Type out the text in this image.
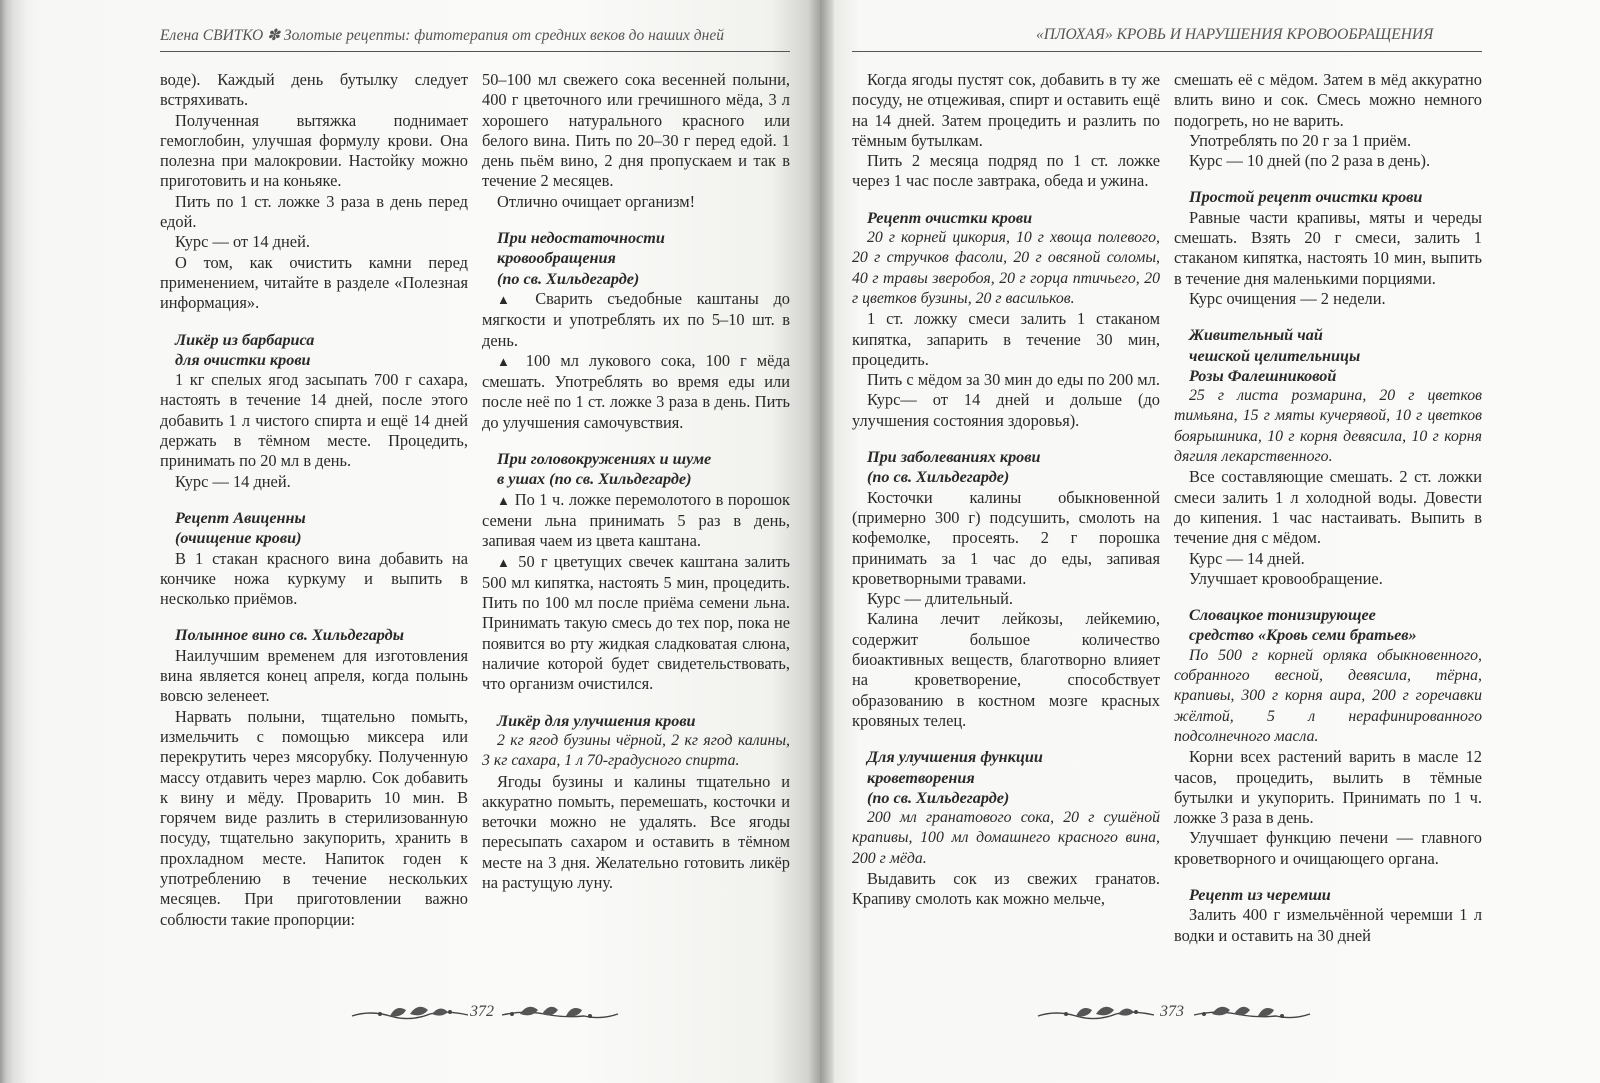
Елена СВИТКО ✽ Золотые рецепты: фитотерапия от средних веков до наших дней	«ПЛОХАЯ» КРОВЬ И НАРУШЕНИЯ КРОВООБРАЩЕНИЯ

воде). Каждый день бутылку следует встряхивать.

Полученная вытяжка поднимает гемоглобин, улучшая формулу крови. Она полезна при малокровии. Настойку можно приготовить и на коньяке.

Пить по 1 ст. ложке 3 раза в день перед едой.

Курс — от 14 дней.

О том, как очистить камни перед применением, читайте в разделе «Полезная информация».

Ликёр из барбариса
для очистки крови

1 кг спелых ягод засыпать 700 г сахара, настоять в течение 14 дней, после этого добавить 1 л чистого спирта и ещё 14 дней держать в тёмном месте. Процедить, принимать по 20 мл в день.

Курс — 14 дней.

Рецепт Авиценны
(очищение крови)

В 1 стакан красного вина добавить на кончике ножа куркуму и выпить в несколько приёмов.

Полынное вино св. Хильдегарды

Наилучшим временем для изготовления вина является конец апреля, когда полынь вовсю зеленеет.

Нарвать полыни, тщательно помыть, измельчить с помощью миксера или перекрутить через мясорубку. Полученную массу отдавить через марлю. Сок добавить к вину и мёду. Проварить 10 мин. В горячем виде разлить в стерилизованную посуду, тщательно закупорить, хранить в прохладном месте. Напиток годен к употреблению в течение нескольких месяцев. При приготовлении важно соблюсти такие пропорции:

50–100 мл свежего сока весенней полыни, 400 г цветочного или гречишного мёда, 3 л хорошего натурального красного или белого вина. Пить по 20–30 г перед едой. 1 день пьём вино, 2 дня пропускаем и так в течение 2 месяцев.

Отлично очищает организм!

При недостаточности
кровообращения
(по св. Хильдегарде)

▲ Сварить съедобные каштаны до мягкости и употреблять их по 5–10 шт. в день.

▲ 100 мл лукового сока, 100 г мёда смешать. Употреблять во время еды или после неё по 1 ст. ложке 3 раза в день. Пить до улучшения самочувствия.

При головокружениях и шуме
в ушах (по св. Хильдегарде)

▲ По 1 ч. ложке перемолотого в порошок семени льна принимать 5 раз в день, запивая чаем из цвета каштана.

▲ 50 г цветущих свечек каштана залить 500 мл кипятка, настоять 5 мин, процедить. Пить по 100 мл после приёма семени льна. Принимать такую смесь до тех пор, пока не появится во рту жидкая сладковатая слюна, наличие которой будет свидетельствовать, что организм очистился.

Ликёр для улучшения крови

2 кг ягод бузины чёрной, 2 кг ягод калины, 3 кг сахара, 1 л 70-градусного спирта.

Ягоды бузины и калины тщательно и аккуратно помыть, перемешать, косточки и веточки можно не удалять. Все ягоды пересыпать сахаром и оставить в тёмном месте на 3 дня. Желательно готовить ликёр на растущую луну.

Когда ягоды пустят сок, добавить в ту же посуду, не отцеживая, спирт и оставить ещё на 14 дней. Затем процедить и разлить по тёмным бутылкам.

Пить 2 месяца подряд по 1 ст. ложке через 1 час после завтрака, обеда и ужина.

Рецепт очистки крови

20 г корней цикория, 10 г хвоща полевого, 20 г стручков фасоли, 20 г овсяной соломы, 40 г травы зверобоя, 20 г горца птичьего, 20 г цветков бузины, 20 г васильков.

1 ст. ложку смеси залить 1 стаканом кипятка, запарить в течение 30 мин, процедить.

Пить с мёдом за 30 мин до еды по 200 мл.

Курс— от 14 дней и дольше (до улучшения состояния здоровья).

При заболеваниях крови
(по св. Хильдегарде)

Косточки калины обыкновенной (примерно 300 г) подсушить, смолоть на кофемолке, просеять. 2 г порошка принимать за 1 час до еды, запивая кроветворными травами.

Курс — длительный.

Калина лечит лейкозы, лейкемию, содержит большое количество биоактивных веществ, благотворно влияет на кроветворение, способствует образованию в костном мозге красных кровяных телец.

Для улучшения функции
кроветворения
(по св. Хильдегарде)

200 мл гранатового сока, 20 г сушёной крапивы, 100 мл домашнего красного вина, 200 г мёда.

Выдавить сок из свежих гранатов. Крапиву смолоть как можно мельче,

смешать её с мёдом. Затем в мёд аккуратно влить вино и сок. Смесь можно немного подогреть, но не варить.

Употреблять по 20 г за 1 приём.

Курс — 10 дней (по 2 раза в день).

Простой рецепт очистки крови

Равные части крапивы, мяты и череды смешать. Взять 20 г смеси, залить 1 стаканом кипятка, настоять 10 мин, выпить в течение дня маленькими порциями.

Курс очищения — 2 недели.

Живительный чай
чешской целительницы
Розы Фалешниковой

25 г листа розмарина, 20 г цветков тимьяна, 15 г мяты кучерявой, 10 г цветков боярышника, 10 г корня девясила, 10 г корня дягиля лекарственного.

Все составляющие смешать. 2 ст. ложки смеси залить 1 л холодной воды. Довести до кипения. 1 час настаивать. Выпить в течение дня с мёдом.

Курс — 14 дней.

Улучшает кровообращение.

Словацкое тонизирующее
средство «Кровь семи братьев»

По 500 г корней орляка обыкновенного, собранного весной, девясила, тёрна, крапивы, 300 г корня аира, 200 г горечавки жёлтой, 5 л нерафинированного подсолнечного масла.

Корни всех растений варить в масле 12 часов, процедить, вылить в тёмные бутылки и укупорить. Принимать по 1 ч. ложке 3 раза в день.

Улучшает функцию печени — главного кроветворного и очищающего органа.

Рецепт из черемши

Залить 400 г измельчённой черемши 1 л водки и оставить на 30 дней

372	373
